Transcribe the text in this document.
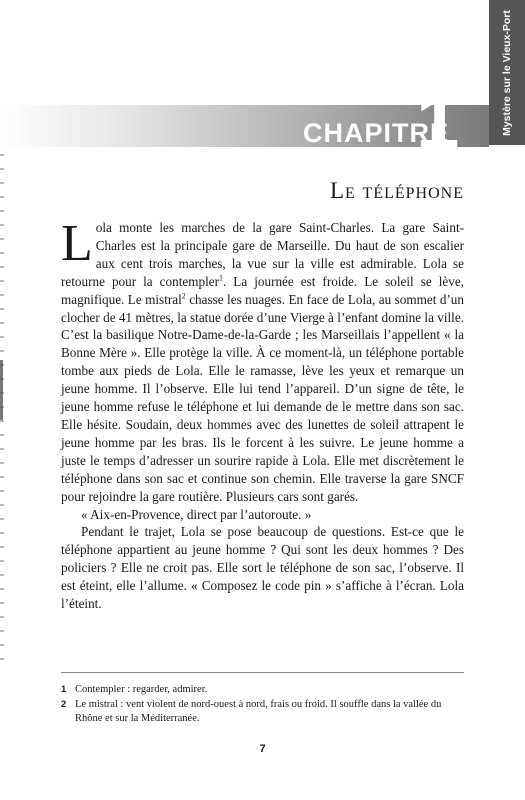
Mystère sur le Vieux-Port
CHAPITRE
1
Le téléphone

Lola monte les marches de la gare Saint-Charles. La gare Saint-Charles est la principale gare de Marseille. Du haut de son escalier aux cent trois marches, la vue sur la ville est admirable. Lola se retourne pour la contempler$^1$. La journée est froide. Le soleil se lève, magnifique. Le mistral$^2$ chasse les nuages. En face de Lola, au sommet d’un clocher de 41 mètres, la statue dorée d’une Vierge à l’enfant domine la ville. C’est la basilique Notre-Dame-de-la-Garde ; les Marseillais l’appellent « la Bonne Mère ». Elle protège la ville. À ce moment-là, un téléphone portable tombe aux pieds de Lola. Elle le ramasse, lève les yeux et remarque un jeune homme. Il l’observe. Elle lui tend l’appareil. D’un signe de tête, le jeune homme refuse le téléphone et lui demande de le mettre dans son sac. Elle hésite. Soudain, deux hommes avec des lunettes de soleil attrapent le jeune homme par les bras. Ils le forcent à les suivre. Le jeune homme a juste le temps d’adresser un sourire rapide à Lola. Elle met discrètement le téléphone dans son sac et continue son chemin. Elle traverse la gare SNCF pour rejoindre la gare routière. Plusieurs cars sont garés.

« Aix-en-Provence, direct par l’autoroute. »

Pendant le trajet, Lola se pose beaucoup de questions. Est-ce que le téléphone appartient au jeune homme ? Qui sont les deux hommes ? Des policiers ? Elle ne croit pas. Elle sort le téléphone de son sac, l’observe. Il est éteint, elle l’allume. « Composez le code pin » s’affiche à l’écran. Lola l’éteint.

1 Contempler : regarder, admirer.
2 Le mistral : vent violent de nord-ouest à nord, frais ou froid. Il souffle dans la vallée du Rhône et sur la Méditerranée.
7
